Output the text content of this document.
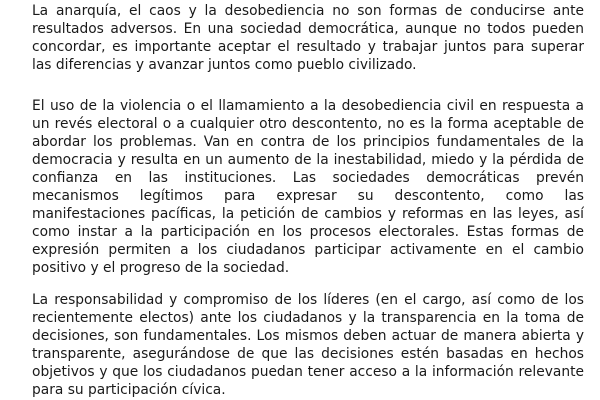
La anarquía, el caos y la desobediencia no son formas de conducirse ante resultados adversos. En una sociedad democrática, aunque no todos pueden concordar, es importante aceptar el resultado y trabajar juntos para superar las diferencias y avanzar juntos como pueblo civilizado.

El uso de la violencia o el llamamiento a la desobediencia civil en respuesta a un revés electoral o a cualquier otro descontento, no es la forma aceptable de abordar los problemas. Van en contra de los principios fundamentales de la democracia y resulta en un aumento de la inestabilidad, miedo y la pérdida de confianza en las instituciones. Las sociedades democráticas prevén mecanismos legítimos para expresar su descontento, como las manifestaciones pacíficas, la petición de cambios y reformas en las leyes, así como instar a la participación en los procesos electorales. Estas formas de expresión permiten a los ciudadanos participar activamente en el cambio positivo y el progreso de la sociedad.

La responsabilidad y compromiso de los líderes (en el cargo, así como de los recientemente electos) ante los ciudadanos y la transparencia en la toma de decisiones, son fundamentales. Los mismos deben actuar de manera abierta y transparente, asegurándose de que las decisiones estén basadas en hechos objetivos y que los ciudadanos puedan tener acceso a la información relevante para su participación cívica.
